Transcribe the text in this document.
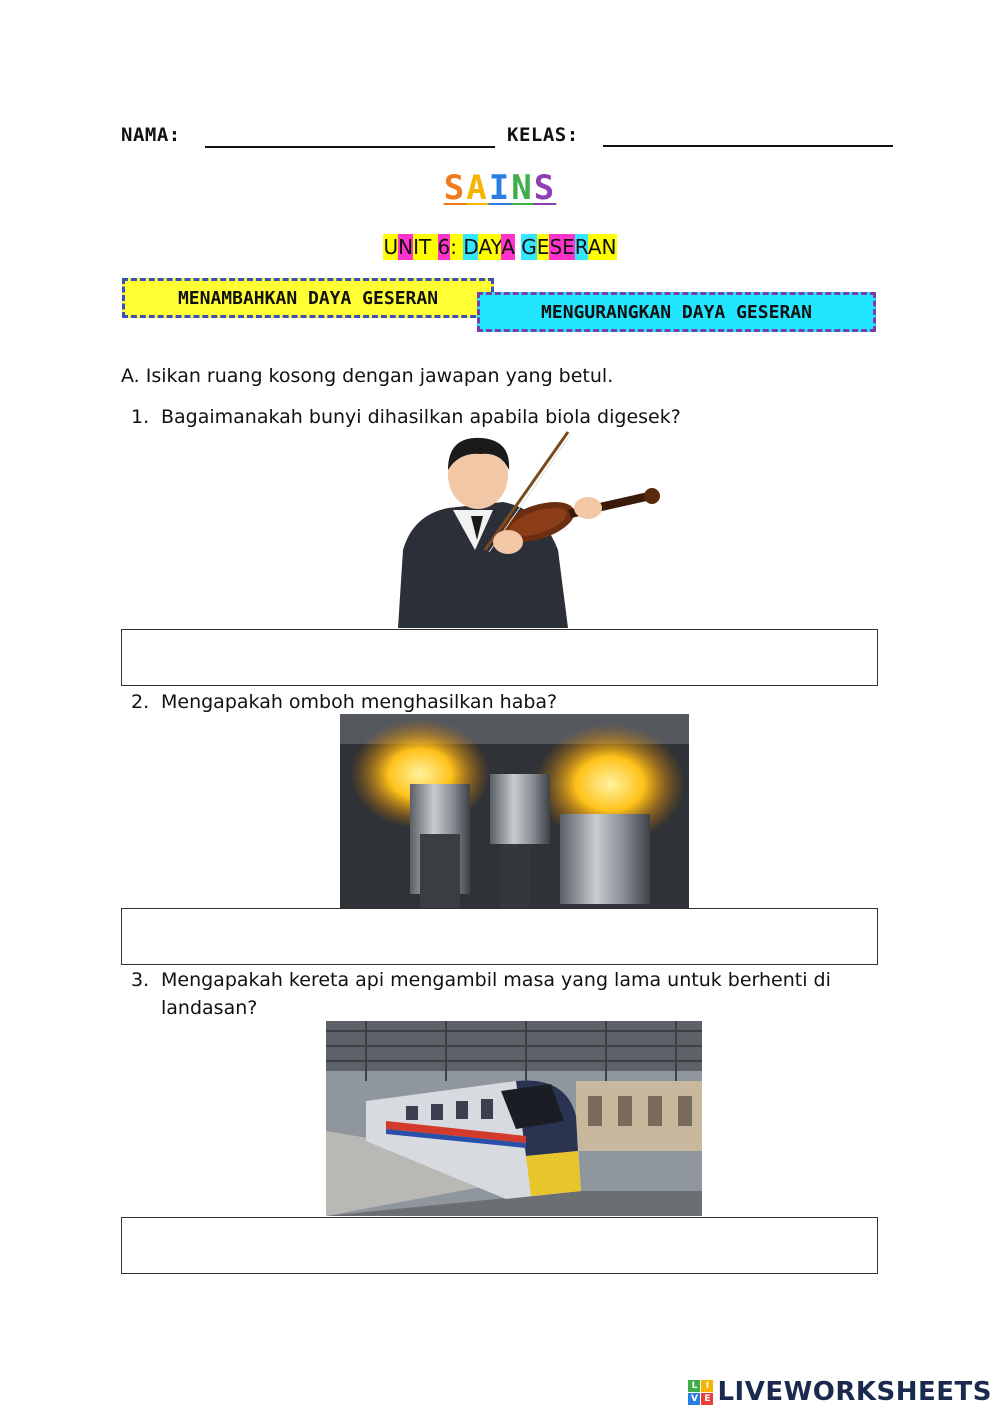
NAMA:	KELAS:
SAINS
UNIT 6: DAYA GESERAN
MENAMBAHKAN DAYA GESERAN
MENGURANGKAN DAYA GESERAN
A. Isikan ruang kosong dengan jawapan yang betul.
1. Bagaimanakah bunyi dihasilkan apabila biola digesek?
2. Mengapakah omboh menghasilkan haba?
3. Mengapakah kereta api mengambil masa yang lama untuk berhenti di
landasan?
L I
V E LIVEWORKSHEETS
